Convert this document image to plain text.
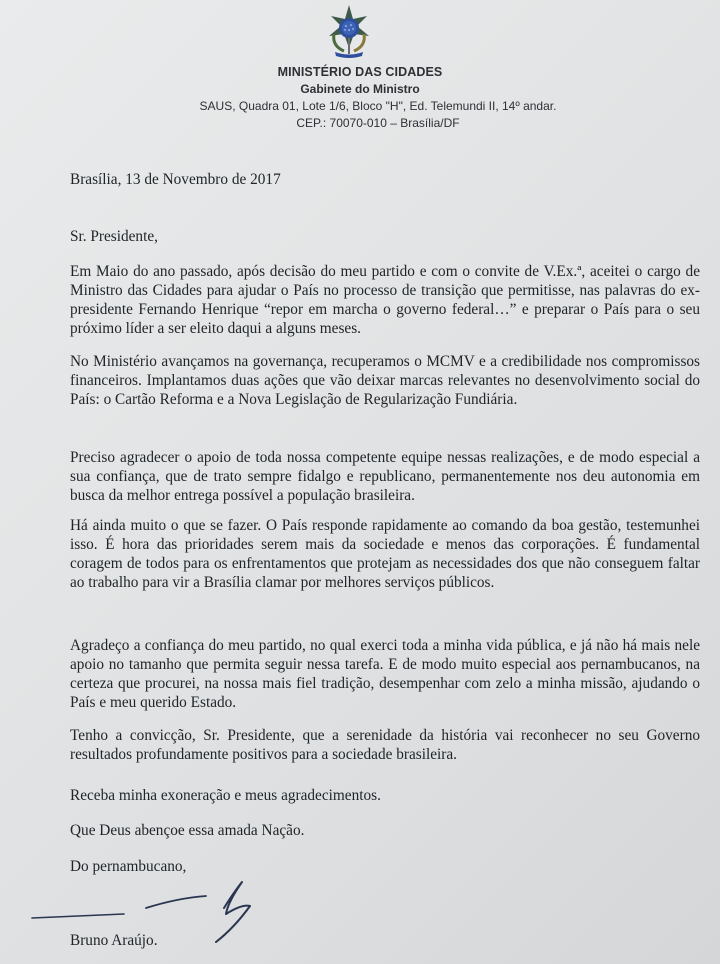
MINISTÉRIO DAS CIDADES
Gabinete do Ministro
SAUS, Quadra 01, Lote 1/6, Bloco "H", Ed. Telemundi II, 14º andar.
CEP.: 70070-010 – Brasília/DF

Brasília, 13 de Novembro de 2017

Sr. Presidente,

Em Maio do ano passado, após decisão do meu partido e com o convite de V.Ex.ª, aceitei o cargo de Ministro das Cidades para ajudar o País no processo de transição que permitisse, nas palavras do ex-presidente Fernando Henrique “repor em marcha o governo federal…” e preparar o País para o seu próximo líder a ser eleito daqui a alguns meses.

No Ministério avançamos na governança, recuperamos o MCMV e a credibilidade nos compromissos financeiros. Implantamos duas ações que vão deixar marcas relevantes no desenvolvimento social do País: o Cartão Reforma e a Nova Legislação de Regularização Fundiária.

Preciso agradecer o apoio de toda nossa competente equipe nessas realizações, e de modo especial a sua confiança, que de trato sempre fidalgo e republicano, permanentemente nos deu autonomia em busca da melhor entrega possível a população brasileira.

Há ainda muito o que se fazer. O País responde rapidamente ao comando da boa gestão, testemunhei isso. É hora das prioridades serem mais da sociedade e menos das corporações. É fundamental coragem de todos para os enfrentamentos que protejam as necessidades dos que não conseguem faltar ao trabalho para vir a Brasília clamar por melhores serviços públicos.

Agradeço a confiança do meu partido, no qual exerci toda a minha vida pública, e já não há mais nele apoio no tamanho que permita seguir nessa tarefa. E de modo muito especial aos pernambucanos, na certeza que procurei, na nossa mais fiel tradição, desempenhar com zelo a minha missão, ajudando o País e meu querido Estado.

Tenho a convicção, Sr. Presidente, que a serenidade da história vai reconhecer no seu Governo resultados profundamente positivos para a sociedade brasileira.

Receba minha exoneração e meus agradecimentos.

Que Deus abençoe essa amada Nação.

Do pernambucano,

Bruno Araújo.
